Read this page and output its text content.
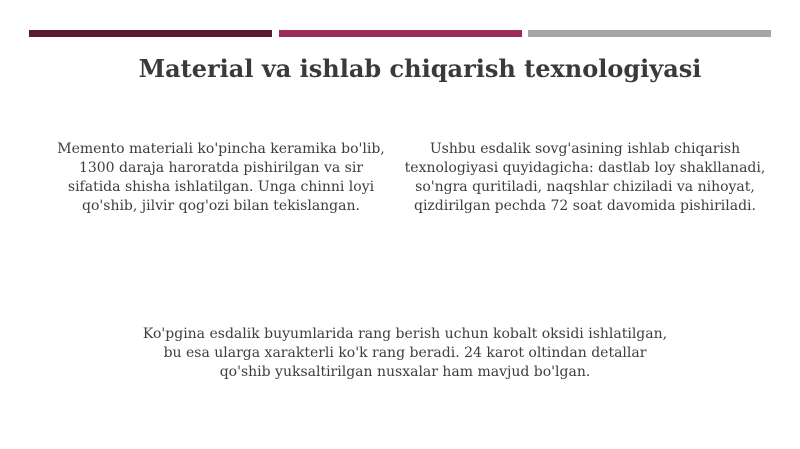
Material va ishlab chiqarish texnologiyasi
Memento materiali ko'pincha keramika bo'lib, 1300 daraja haroratda pishirilgan va sir sifatida shisha ishlatilgan. Unga chinni loyi qo'shib, jilvir qog'ozi bilan tekislangan.
Ushbu esdalik sovg'asining ishlab chiqarish texnologiyasi quyidagicha: dastlab loy shakllanadi, so'ngra quritiladi, naqshlar chiziladi va nihoyat, qizdirilgan pechda 72 soat davomida pishiriladi.
Ko'pgina esdalik buyumlarida rang berish uchun kobalt oksidi ishlatilgan, bu esa ularga xarakterli ko'k rang beradi. 24 karot oltindan detallar qo'shib yuksaltirilgan nusxalar ham mavjud bo'lgan.
